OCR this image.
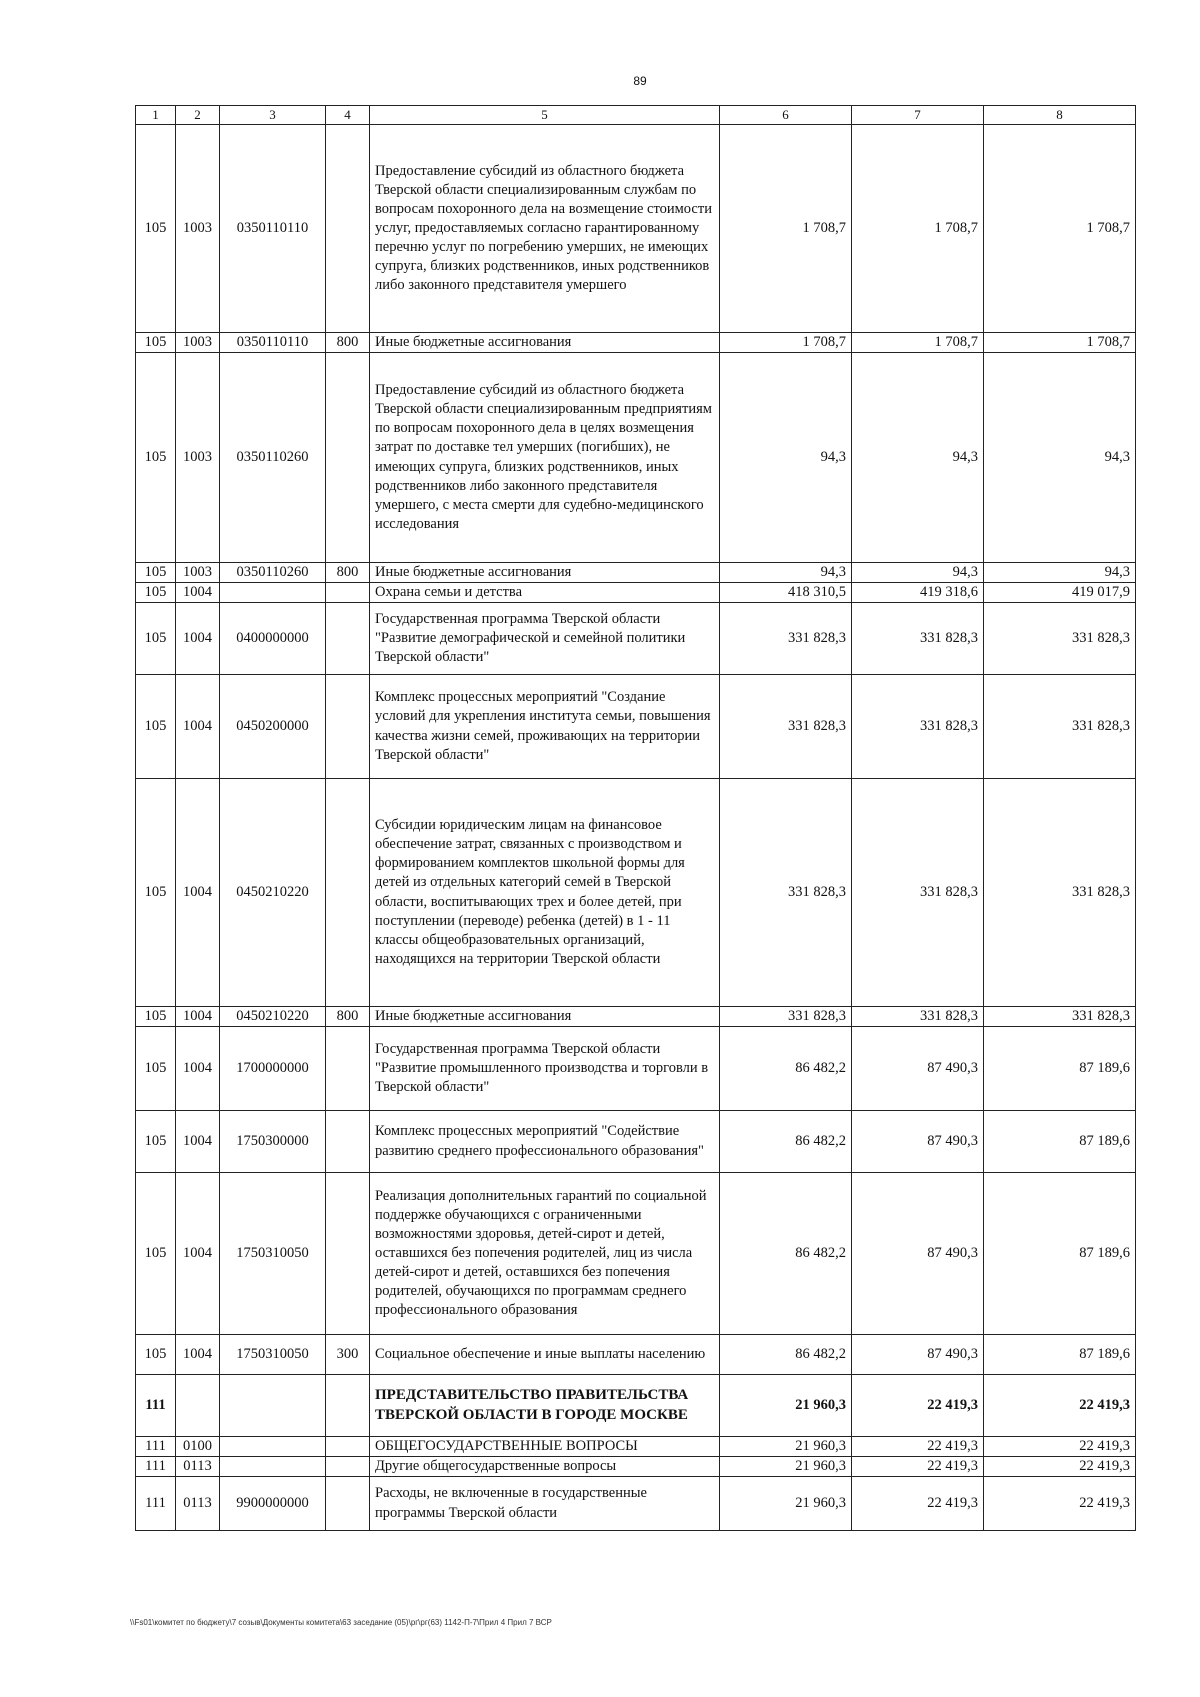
89
1	2	3	4	5	6	7	8
105	1003	0350110110		Предоставление субсидий из областного бюджета Тверской области специализированным службам по вопросам похоронного дела на возмещение стоимости услуг, предоставляемых согласно гарантированному перечню услуг по погребению умерших, не имеющих супруга, близких родственников, иных родственников либо законного представителя умершего	1 708,7	1 708,7	1 708,7
105	1003	0350110110	800	Иные бюджетные ассигнования	1 708,7	1 708,7	1 708,7
105	1003	0350110260		Предоставление субсидий из областного бюджета Тверской области специализированным предприятиям по вопросам похоронного дела в целях возмещения затрат по доставке тел умерших (погибших), не имеющих супруга, близких родственников, иных родственников либо законного представителя умершего, с места смерти для судебно-медицинского исследования	94,3	94,3	94,3
105	1003	0350110260	800	Иные бюджетные ассигнования	94,3	94,3	94,3
105	1004			Охрана семьи и детства	418 310,5	419 318,6	419 017,9
105	1004	0400000000		Государственная программа Тверской области "Развитие демографической и семейной политики Тверской области"	331 828,3	331 828,3	331 828,3
105	1004	0450200000		Комплекс процессных мероприятий "Создание условий для укрепления института семьи, повышения качества жизни семей, проживающих на территории Тверской области"	331 828,3	331 828,3	331 828,3
105	1004	0450210220		Субсидии юридическим лицам на финансовое обеспечение затрат, связанных с производством и формированием комплектов школьной формы для детей из отдельных категорий семей в Тверской области, воспитывающих трех и более детей, при поступлении (переводе) ребенка (детей) в 1 - 11 классы общеобразовательных организаций, находящихся на территории Тверской области	331 828,3	331 828,3	331 828,3
105	1004	0450210220	800	Иные бюджетные ассигнования	331 828,3	331 828,3	331 828,3
105	1004	1700000000		Государственная программа Тверской области "Развитие промышленного производства и торговли в Тверской области"	86 482,2	87 490,3	87 189,6
105	1004	1750300000		Комплекс процессных мероприятий "Содействие развитию среднего профессионального образования"	86 482,2	87 490,3	87 189,6
105	1004	1750310050		Реализация дополнительных гарантий по социальной поддержке обучающихся с ограниченными возможностями здоровья, детей-сирот и детей, оставшихся без попечения родителей, лиц из числа детей-сирот и детей, оставшихся без попечения родителей, обучающихся по программам среднего профессионального образования	86 482,2	87 490,3	87 189,6
105	1004	1750310050	300	Социальное обеспечение и иные выплаты населению	86 482,2	87 490,3	87 189,6
111				ПРЕДСТАВИТЕЛЬСТВО ПРАВИТЕЛЬСТВА ТВЕРСКОЙ ОБЛАСТИ В ГОРОДЕ МОСКВЕ	21 960,3	22 419,3	22 419,3
111	0100			ОБЩЕГОСУДАРСТВЕННЫЕ ВОПРОСЫ	21 960,3	22 419,3	22 419,3
111	0113			Другие общегосударственные вопросы	21 960,3	22 419,3	22 419,3
111	0113	9900000000		Расходы, не включенные в государственные программы Тверской области	21 960,3	22 419,3	22 419,3
\\Fs01\комитет по бюджету\7 созыв\Документы комитета\63 заседание (05)\рг\рг(63) 1142-П-7\Прил 4 Прил 7 ВСР
